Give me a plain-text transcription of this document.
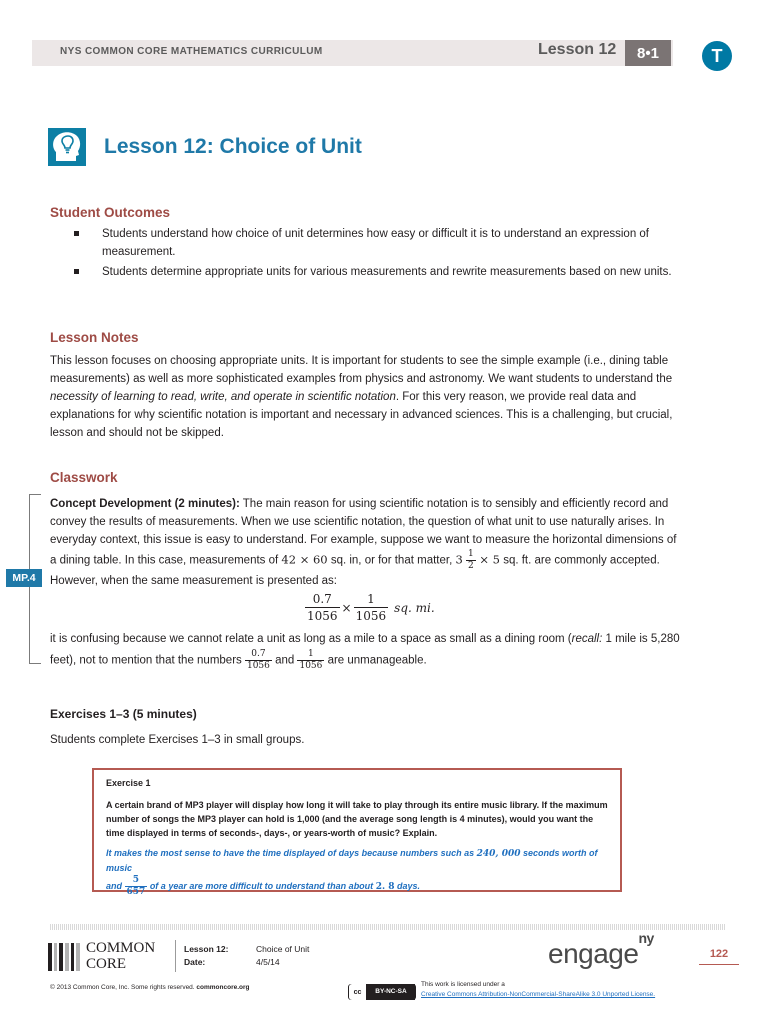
NYS COMMON CORE MATHEMATICS CURRICULUM	Lesson 12	8•1	T
Lesson 12: Choice of Unit
Student Outcomes
Students understand how choice of unit determines how easy or difficult it is to understand an expression of measurement.
Students determine appropriate units for various measurements and rewrite measurements based on new units.
Lesson Notes
This lesson focuses on choosing appropriate units. It is important for students to see the simple example (i.e., dining table measurements) as well as more sophisticated examples from physics and astronomy. We want students to understand the necessity of learning to read, write, and operate in scientific notation. For this very reason, we provide real data and explanations for why scientific notation is important and necessary in advanced sciences. This is a challenging, but crucial, lesson and should not be skipped.
Classwork
MP.4
Concept Development (2 minutes): The main reason for using scientific notation is to sensibly and efficiently record and convey the results of measurements. When we use scientific notation, the question of what unit to use naturally arises. In everyday context, this issue is easy to understand. For example, suppose we want to measure the horizontal dimensions of a dining table. In this case, measurements of 42 × 60 sq. in, or for that matter, $3 \frac{1}{2} \times 5$ sq. ft. are commonly accepted. However, when the same measurement is presented as:
$\frac{0.7}{1056} \times \frac{1}{1056}$ sq. mi.
it is confusing because we cannot relate a unit as long as a mile to a space as small as a dining room (recall: 1 mile is 5,280 feet), not to mention that the numbers $\frac{0.7}{1056}$ and $\frac{1}{1056}$ are unmanageable.
Exercises 1–3 (5 minutes)
Students complete Exercises 1–3 in small groups.
Exercise 1
A certain brand of MP3 player will display how long it will take to play through its entire music library. If the maximum number of songs the MP3 player can hold is 1,000 (and the average song length is 4 minutes), would you want the time displayed in terms of seconds-, days-, or years-worth of music? Explain.
It makes the most sense to have the time displayed of days because numbers such as 240, 000 seconds worth of music
and $\frac{5}{657}$ of a year are more difficult to understand than about 2. 8 days.
COMMON
CORE
Lesson 12:	Choice of Unit
Date:	4/5/14	engage$^{ny}$
122
© 2013 Common Core, Inc. Some rights reserved. commoncore.org
cc	BY-NC-SA
This work is licensed under a
Creative Commons Attribution-NonCommercial-ShareAlike 3.0 Unported License.
